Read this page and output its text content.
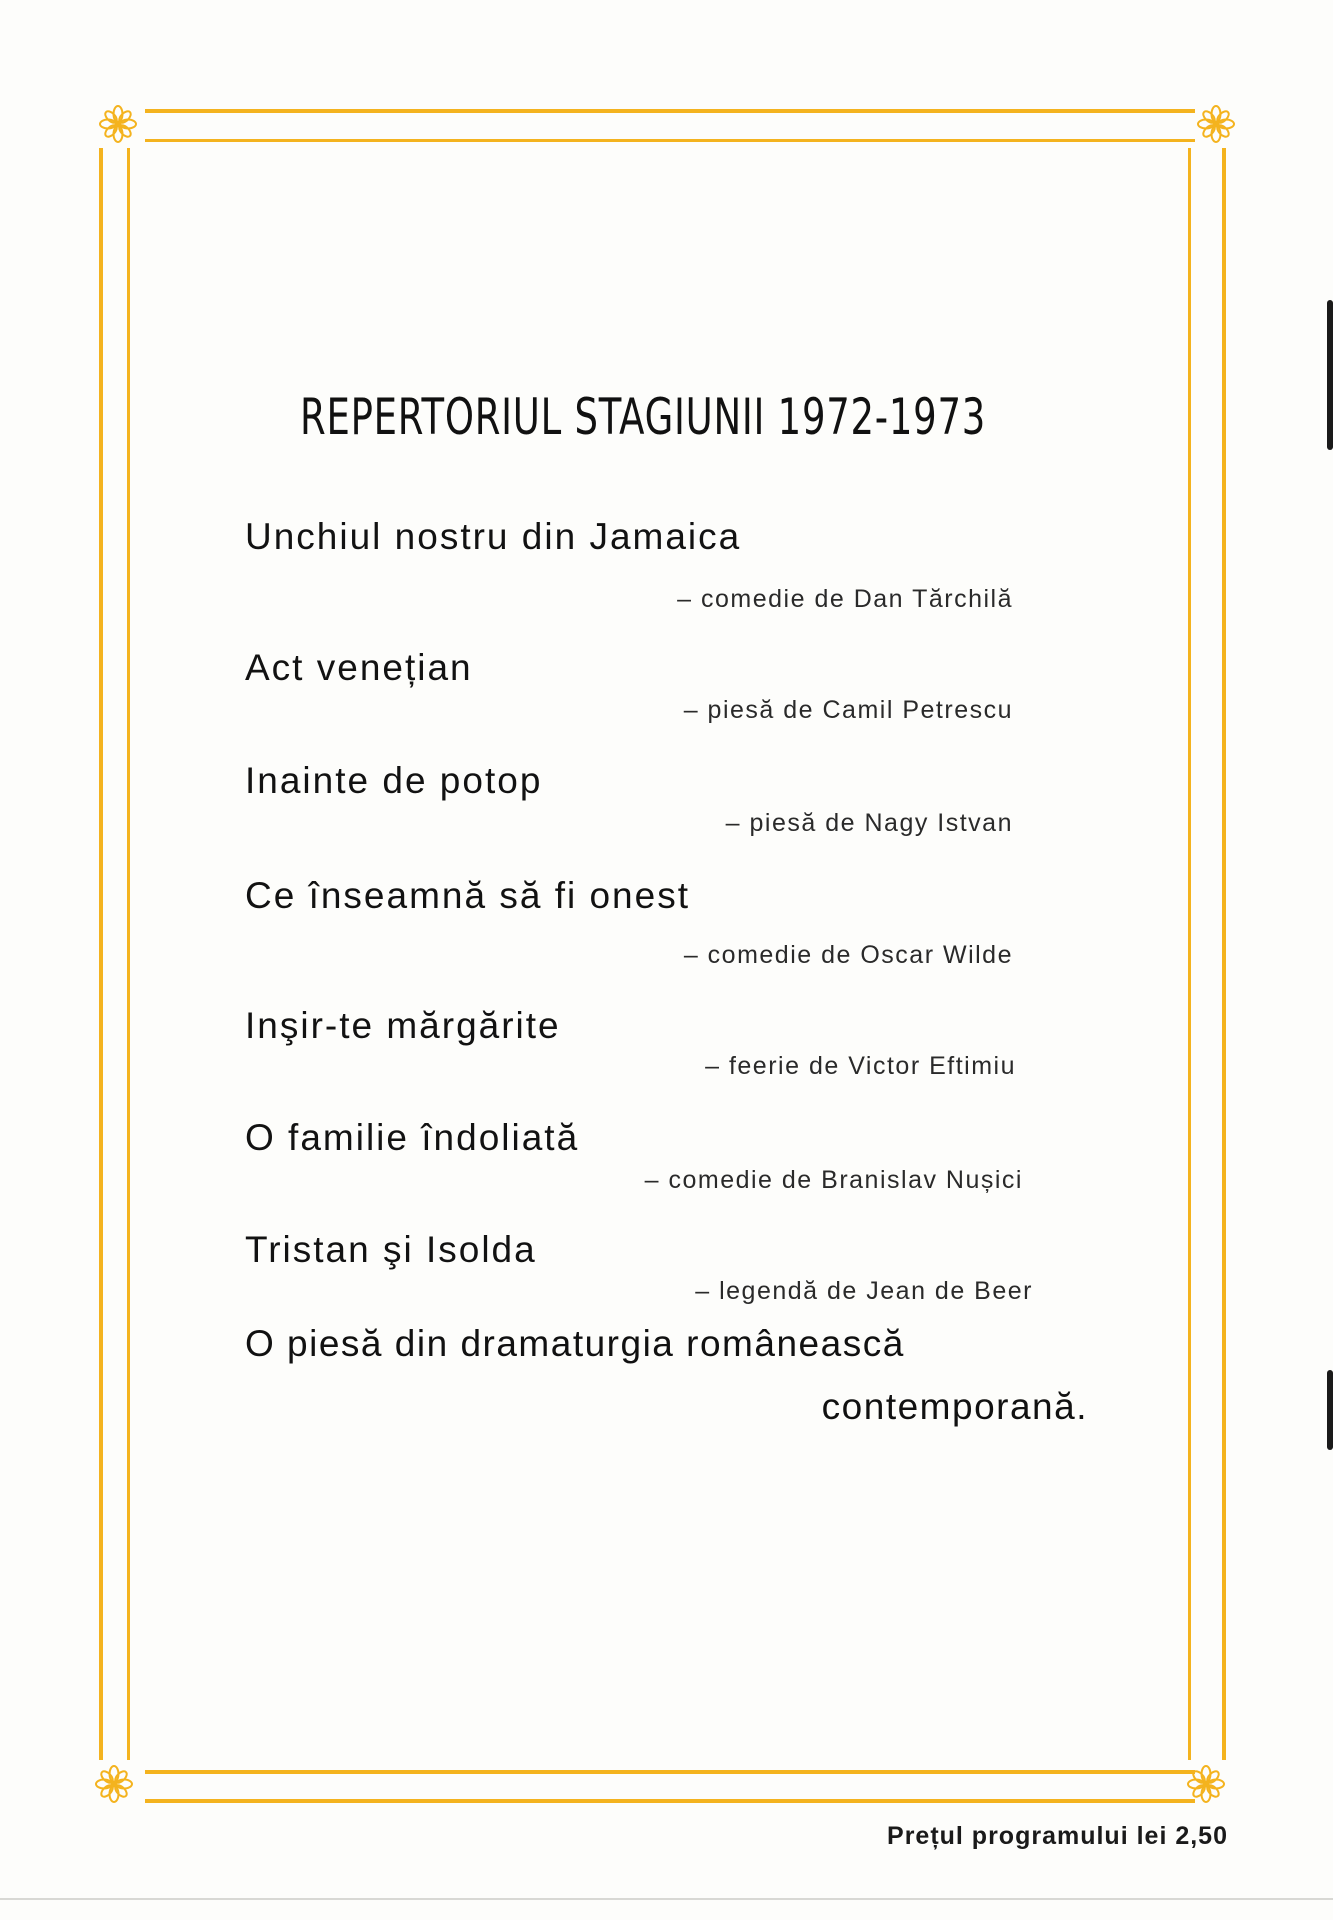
REPERTORIUL STAGIUNII 1972-1973
Unchiul nostru din Jamaica
– comedie de Dan Tărchilă
Act venețian
– piesă de Camil Petrescu
Inainte de potop
– piesă de Nagy Istvan
Ce înseamnă să fi onest
– comedie de Oscar Wilde
Inşir-te mărgărite
– feerie de Victor Eftimiu
O familie îndoliată
– comedie de Branislav Nușici
Tristan şi Isolda
– legendă de Jean de Beer
O piesă din dramaturgia românească
contemporană.
Prețul programului lei 2,50
